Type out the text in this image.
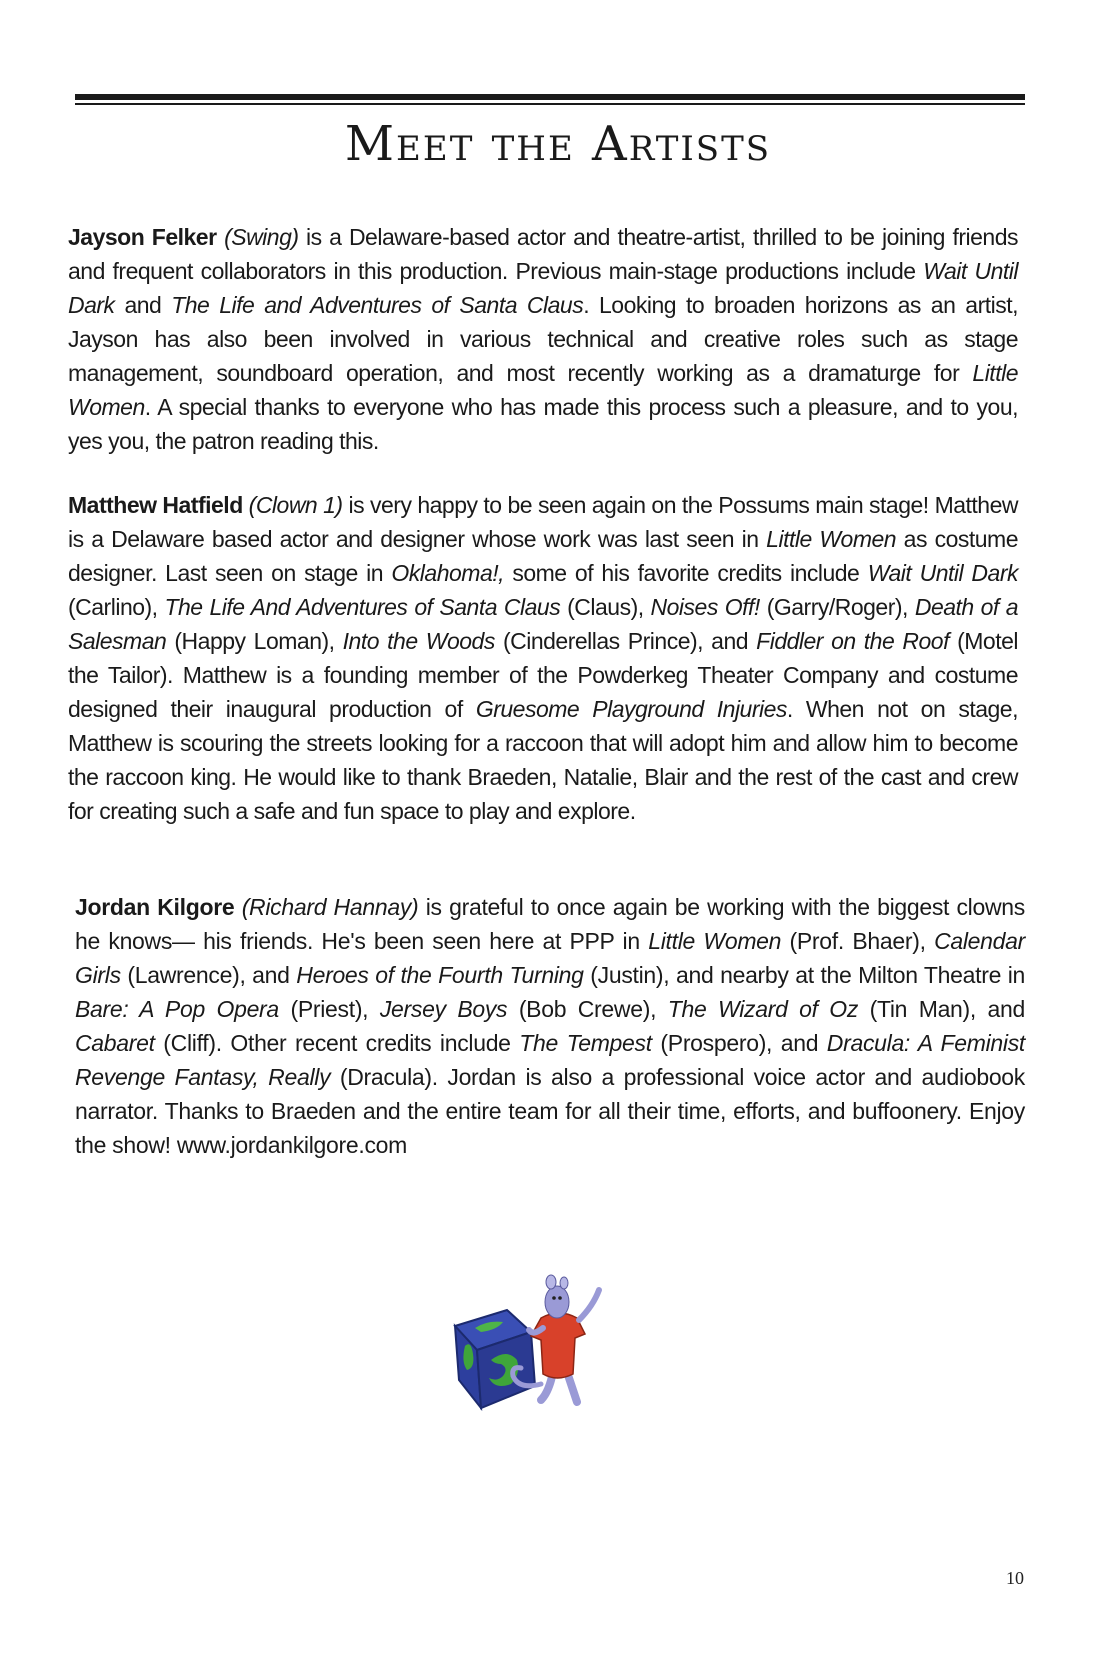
Meet the Artists

Jayson Felker (Swing) is a Delaware-based actor and theatre-artist, thrilled to be joining friends and frequent collaborators in this production. Previous main-stage productions include Wait Until Dark and The Life and Adventures of Santa Claus. Looking to broaden horizons as an artist, Jayson has also been involved in various technical and creative roles such as stage management, soundboard operation, and most recently working as a dramaturge for Little Women. A special thanks to everyone who has made this process such a pleasure, and to you, yes you, the patron reading this.

Matthew Hatfield (Clown 1) is very happy to be seen again on the Possums main stage! Matthew is a Delaware based actor and designer whose work was last seen in Little Women as costume designer. Last seen on stage in Oklahoma!, some of his favorite credits include Wait Until Dark (Carlino), The Life And Adventures of Santa Claus (Claus), Noises Off! (Garry/Roger), Death of a Salesman (Happy Loman), Into the Woods (Cinderellas Prince), and Fiddler on the Roof (Motel the Tailor). Matthew is a founding member of the Powderkeg Theater Company and costume designed their inaugural production of Gruesome Playground Injuries. When not on stage, Matthew is scouring the streets looking for a raccoon that will adopt him and allow him to become the raccoon king. He would like to thank Braeden, Natalie, Blair and the rest of the cast and crew for creating such a safe and fun space to play and explore.

Jordan Kilgore (Richard Hannay) is grateful to once again be working with the biggest clowns he knows— his friends. He's been seen here at PPP in Little Women (Prof. Bhaer), Calendar Girls (Lawrence), and Heroes of the Fourth Turning (Justin), and nearby at the Milton Theatre in Bare: A Pop Opera (Priest), Jersey Boys (Bob Crewe), The Wizard of Oz (Tin Man), and Cabaret (Cliff). Other recent credits include The Tempest (Prospero), and Dracula: A Feminist Revenge Fantasy, Really (Dracula). Jordan is also a professional voice actor and audiobook narrator. Thanks to Braeden and the entire team for all their time, efforts, and buffoonery. Enjoy the show! www.jordankilgore.com

10
